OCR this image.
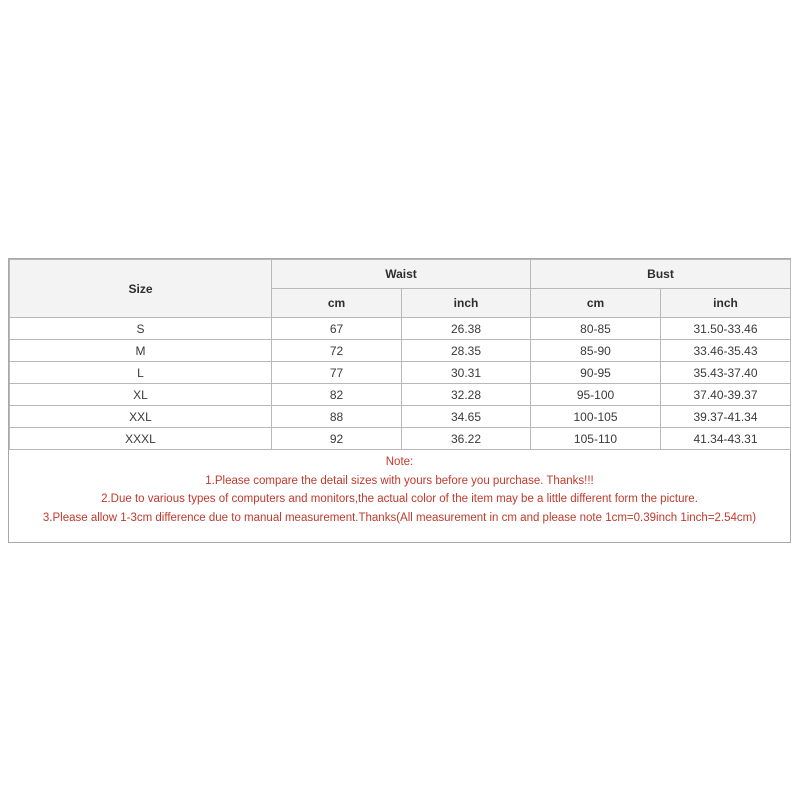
Size	Waist		Bust	
	cm	inch	cm	inch
S	67	26.38	80-85	31.50-33.46
M	72	28.35	85-90	33.46-35.43
L	77	30.31	90-95	35.43-37.40
XL	82	32.28	95-100	37.40-39.37
XXL	88	34.65	100-105	39.37-41.34
XXXL	92	36.22	105-110	41.34-43.31
Note:
1.Please compare the detail sizes with yours before you purchase. Thanks!!!
2.Due to various types of computers and monitors,the actual color of the item may be a little different form the picture.
3.Please allow 1-3cm difference due to manual measurement.Thanks(All measurement in cm and please note 1cm=0.39inch 1inch=2.54cm)
